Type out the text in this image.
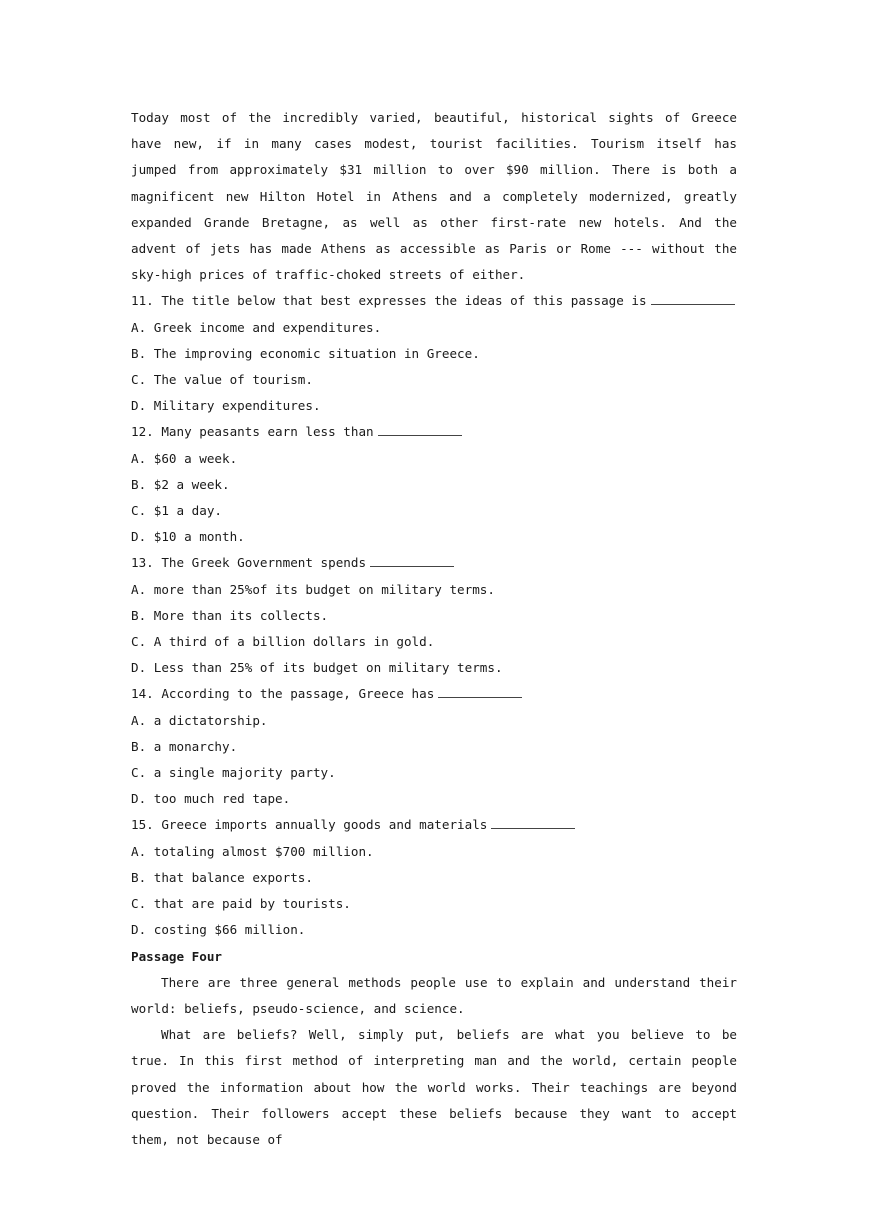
Today most of the incredibly varied, beautiful, historical sights of Greece have new, if in many cases modest, tourist facilities. Tourism itself has jumped from approximately $31 million to over $90 million. There is both a magnificent new Hilton Hotel in Athens and a completely modernized, greatly expanded Grande Bretagne, as well as other first-rate new hotels. And the advent of jets has made Athens as accessible as Paris or Rome --- without the sky-high prices of traffic-choked streets of either.

11. The title below that best expresses the ideas of this passage is

A. Greek income and expenditures.

B. The improving economic situation in Greece.

C. The value of tourism.

D. Military expenditures.

12. Many peasants earn less than

A. $60 a week.

B. $2 a week.

C. $1 a day.

D. $10 a month.

13. The Greek Government spends

A. more than 25%of its budget on military terms.

B. More than its collects.

C. A third of a billion dollars in gold.

D. Less than 25% of its budget on military terms.

14. According to the passage, Greece has

A. a dictatorship.

B. a monarchy.

C. a single majority party.

D. too much red tape.

15. Greece imports annually goods and materials

A. totaling almost $700 million.

B. that balance exports.

C. that are paid by tourists.

D. costing $66 million.

Passage Four

There are three general methods people use to explain and understand their world: beliefs, pseudo-science, and science.

What are beliefs? Well, simply put, beliefs are what you believe to be true. In this first method of interpreting man and the world, certain people proved the information about how the world works. Their teachings are beyond question. Their followers accept these beliefs because they want to accept them, not because of
